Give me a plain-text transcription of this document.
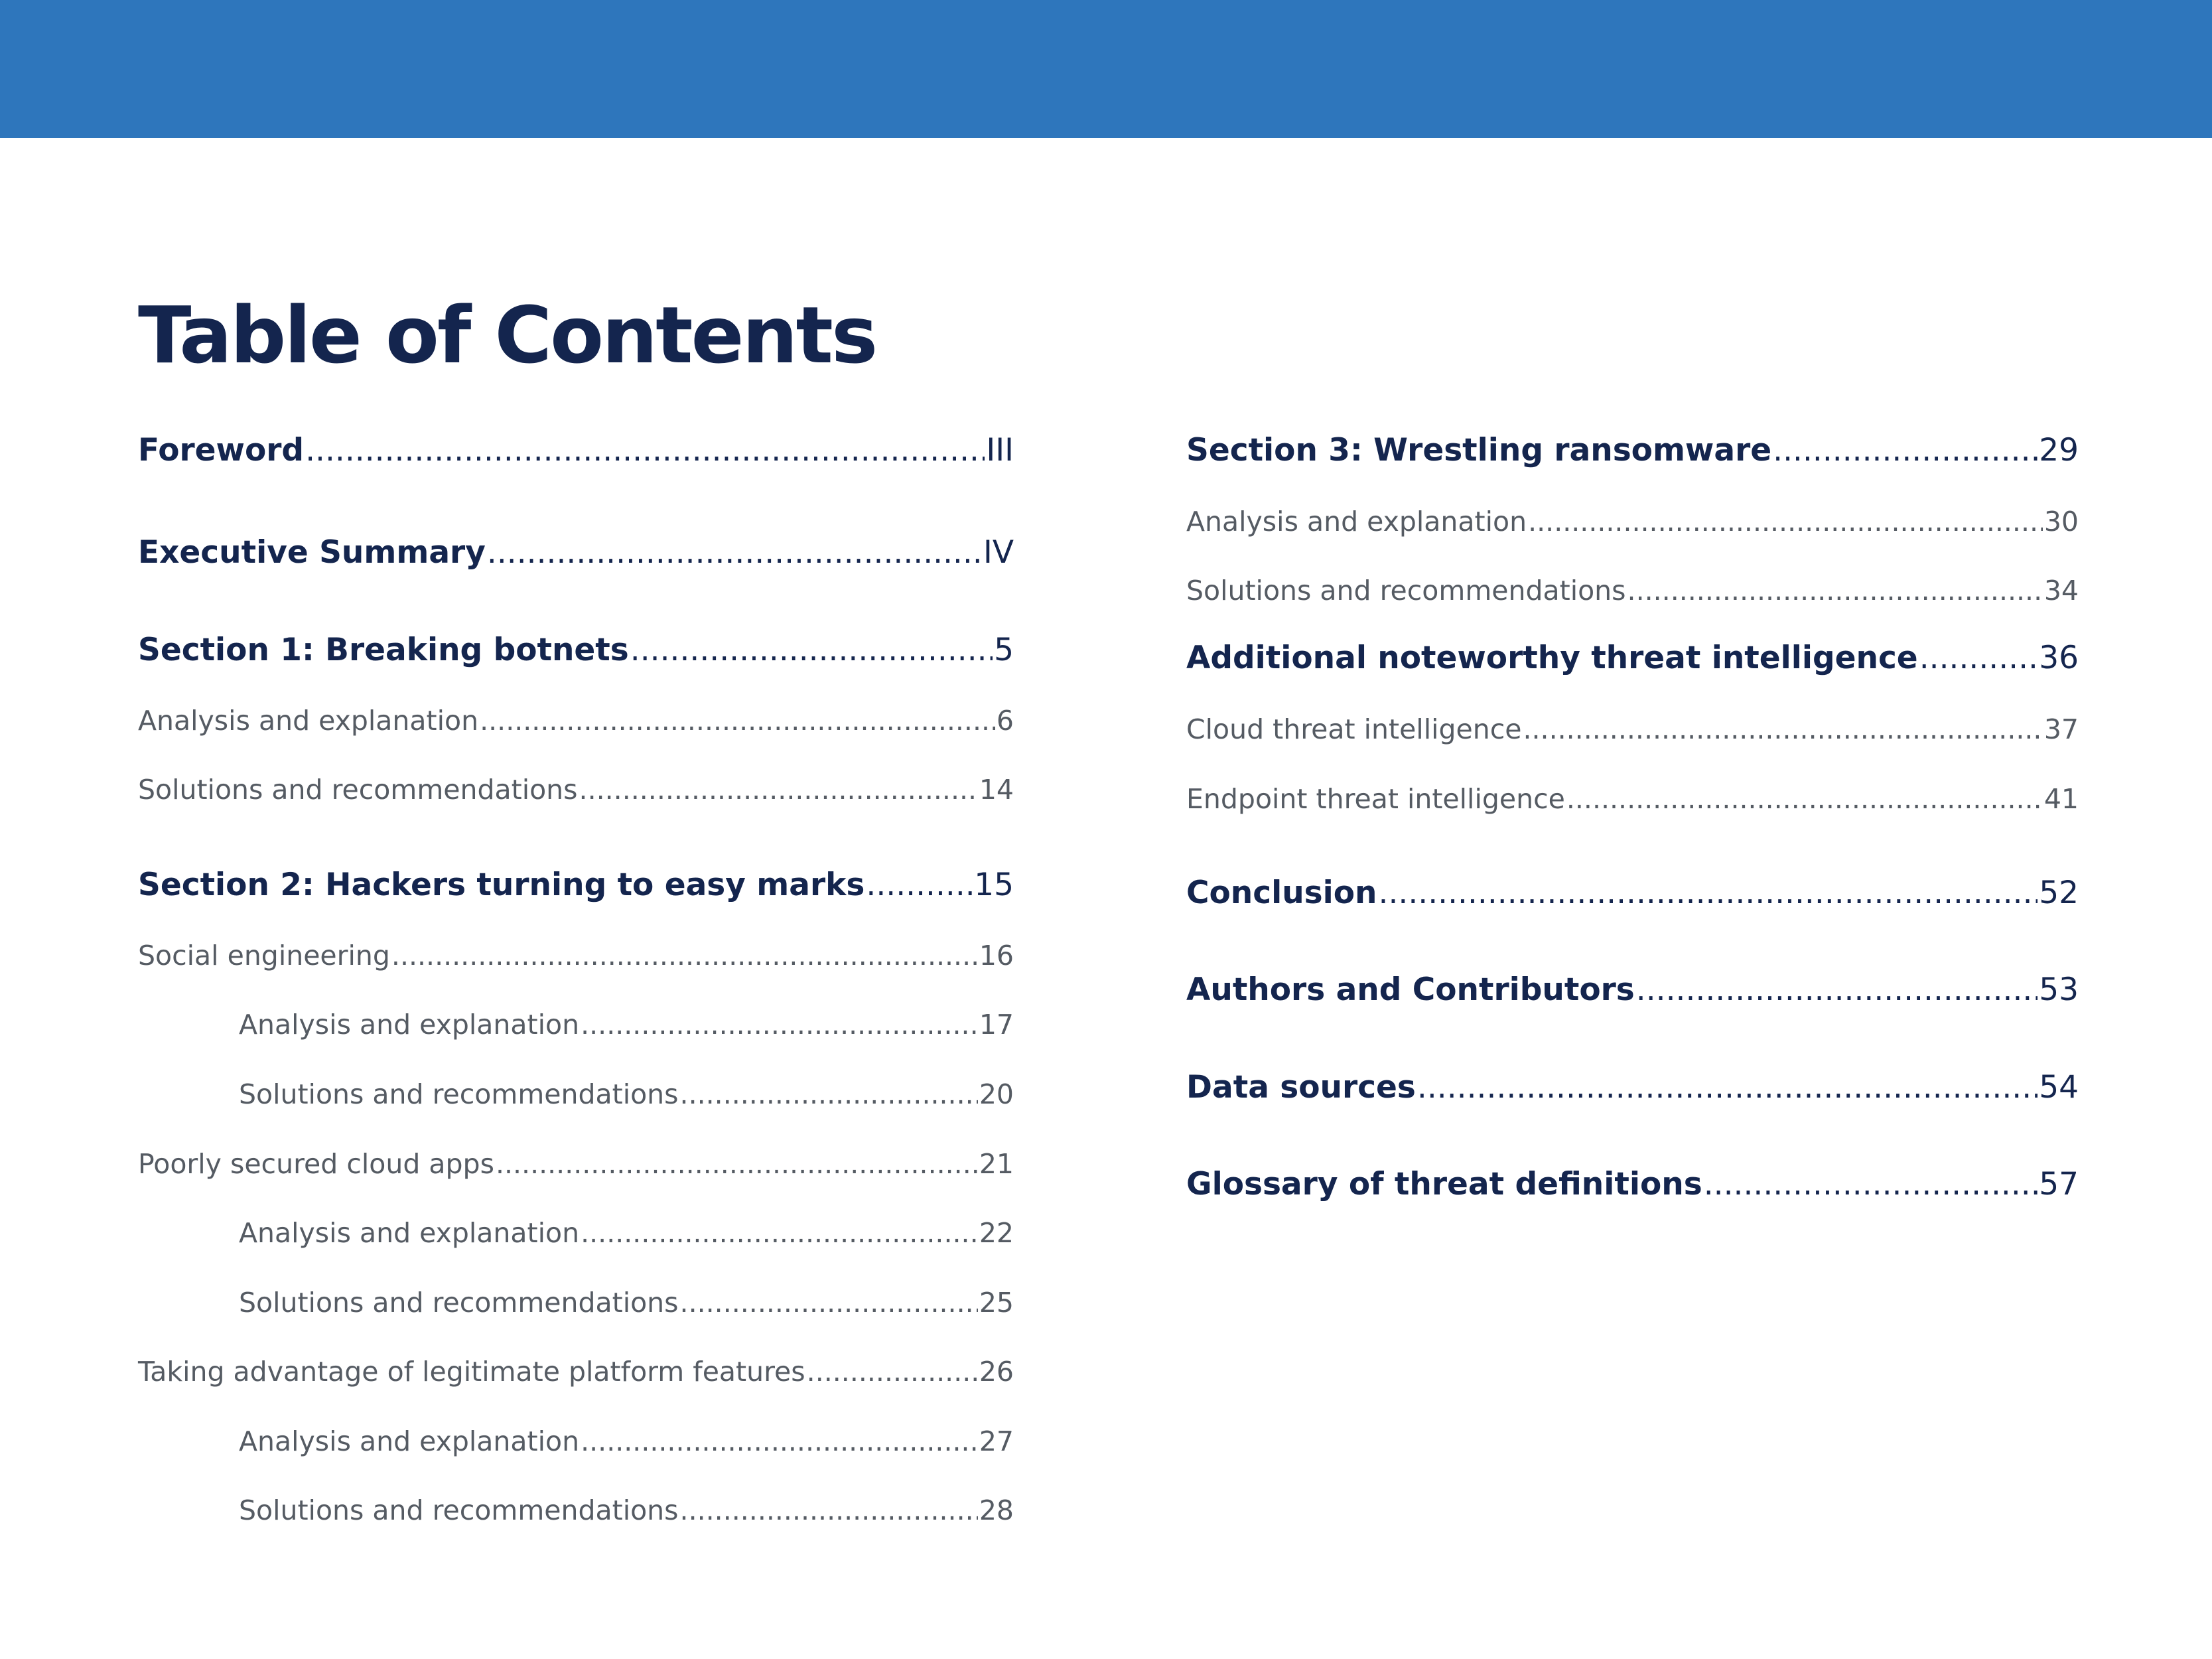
Table of Contents
Foreword .....	III
Executive Summary .....	IV
Section 1: Breaking botnets .....	5
Analysis and explanation .....	6
Solutions and recommendations .....	14
Section 2: Hackers turning to easy marks .....	15
Social engineering .....	16
Analysis and explanation .....	17
Solutions and recommendations .....	20
Poorly secured cloud apps .....	21
Analysis and explanation .....	22
Solutions and recommendations .....	25
Taking advantage of legitimate platform features .....	26
Analysis and explanation .....	27
Solutions and recommendations .....	28
Section 3: Wrestling ransomware .....	29
Analysis and explanation .....	30
Solutions and recommendations .....	34
Additional noteworthy threat intelligence .....	36
Cloud threat intelligence .....	37
Endpoint threat intelligence .....	41
Conclusion .....	52
Authors and Contributors .....	53
Data sources .....	54
Glossary of threat definitions .....	57
